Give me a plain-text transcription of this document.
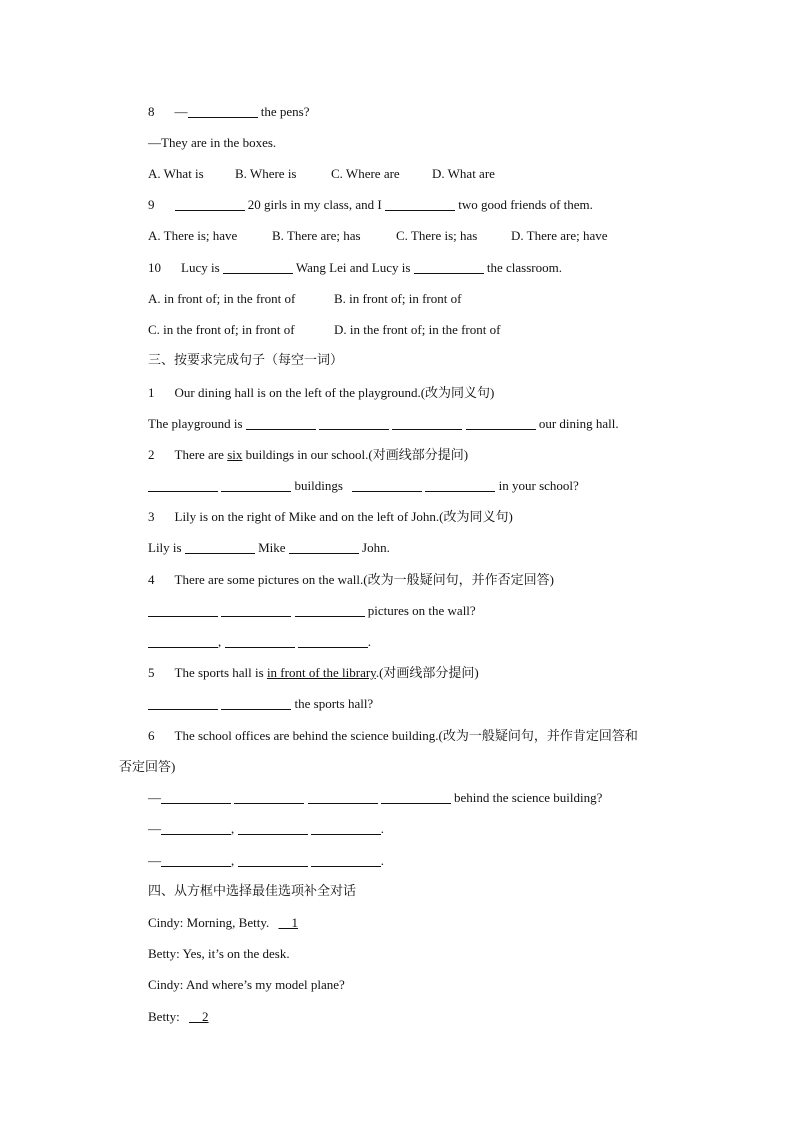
8 —	the pens?
—They are in the boxes.
A. What is B. Where is	C. Where are D. What are
9	20 girls in my class, and I	two good friends of them.
A. There is; have	B. There are; has	C. There is; has	D. There are; have
10 Lucy is	Wang Lei and Lucy is	the classroom.
A. in front of; in the front of	B. in front of; in front of
C. in the front of; in front of	D. in the front of; in the front of
三、按要求完成句子（每空一词）
1 Our dining hall is on the left of the playground.(改为同义句)
The playground is	our dining hall.
2 There are six buildings in our school.(对画线部分提问)
buildings	in your school?
3 Lily is on the right of Mike and on the left of John.(改为同义句)
Lily is	Mike	John.
4 There are some pictures on the wall.(改为一般疑问句，并作否定回答)
pictures on the wall?
,	.
5 The sports hall is in front of the library.(对画线部分提问)
the sports hall?
6 The school offices are behind the science building.(改为一般疑问句，并作肯定回答和
否定回答)
—	behind the science building?
—	,	.
—	,	.
四、从方框中选择最佳选项补全对话
Cindy: Morning, Betty. 1
Betty: Yes, it’s on the desk.
Cindy: And where’s my model plane?
Betty: 2
